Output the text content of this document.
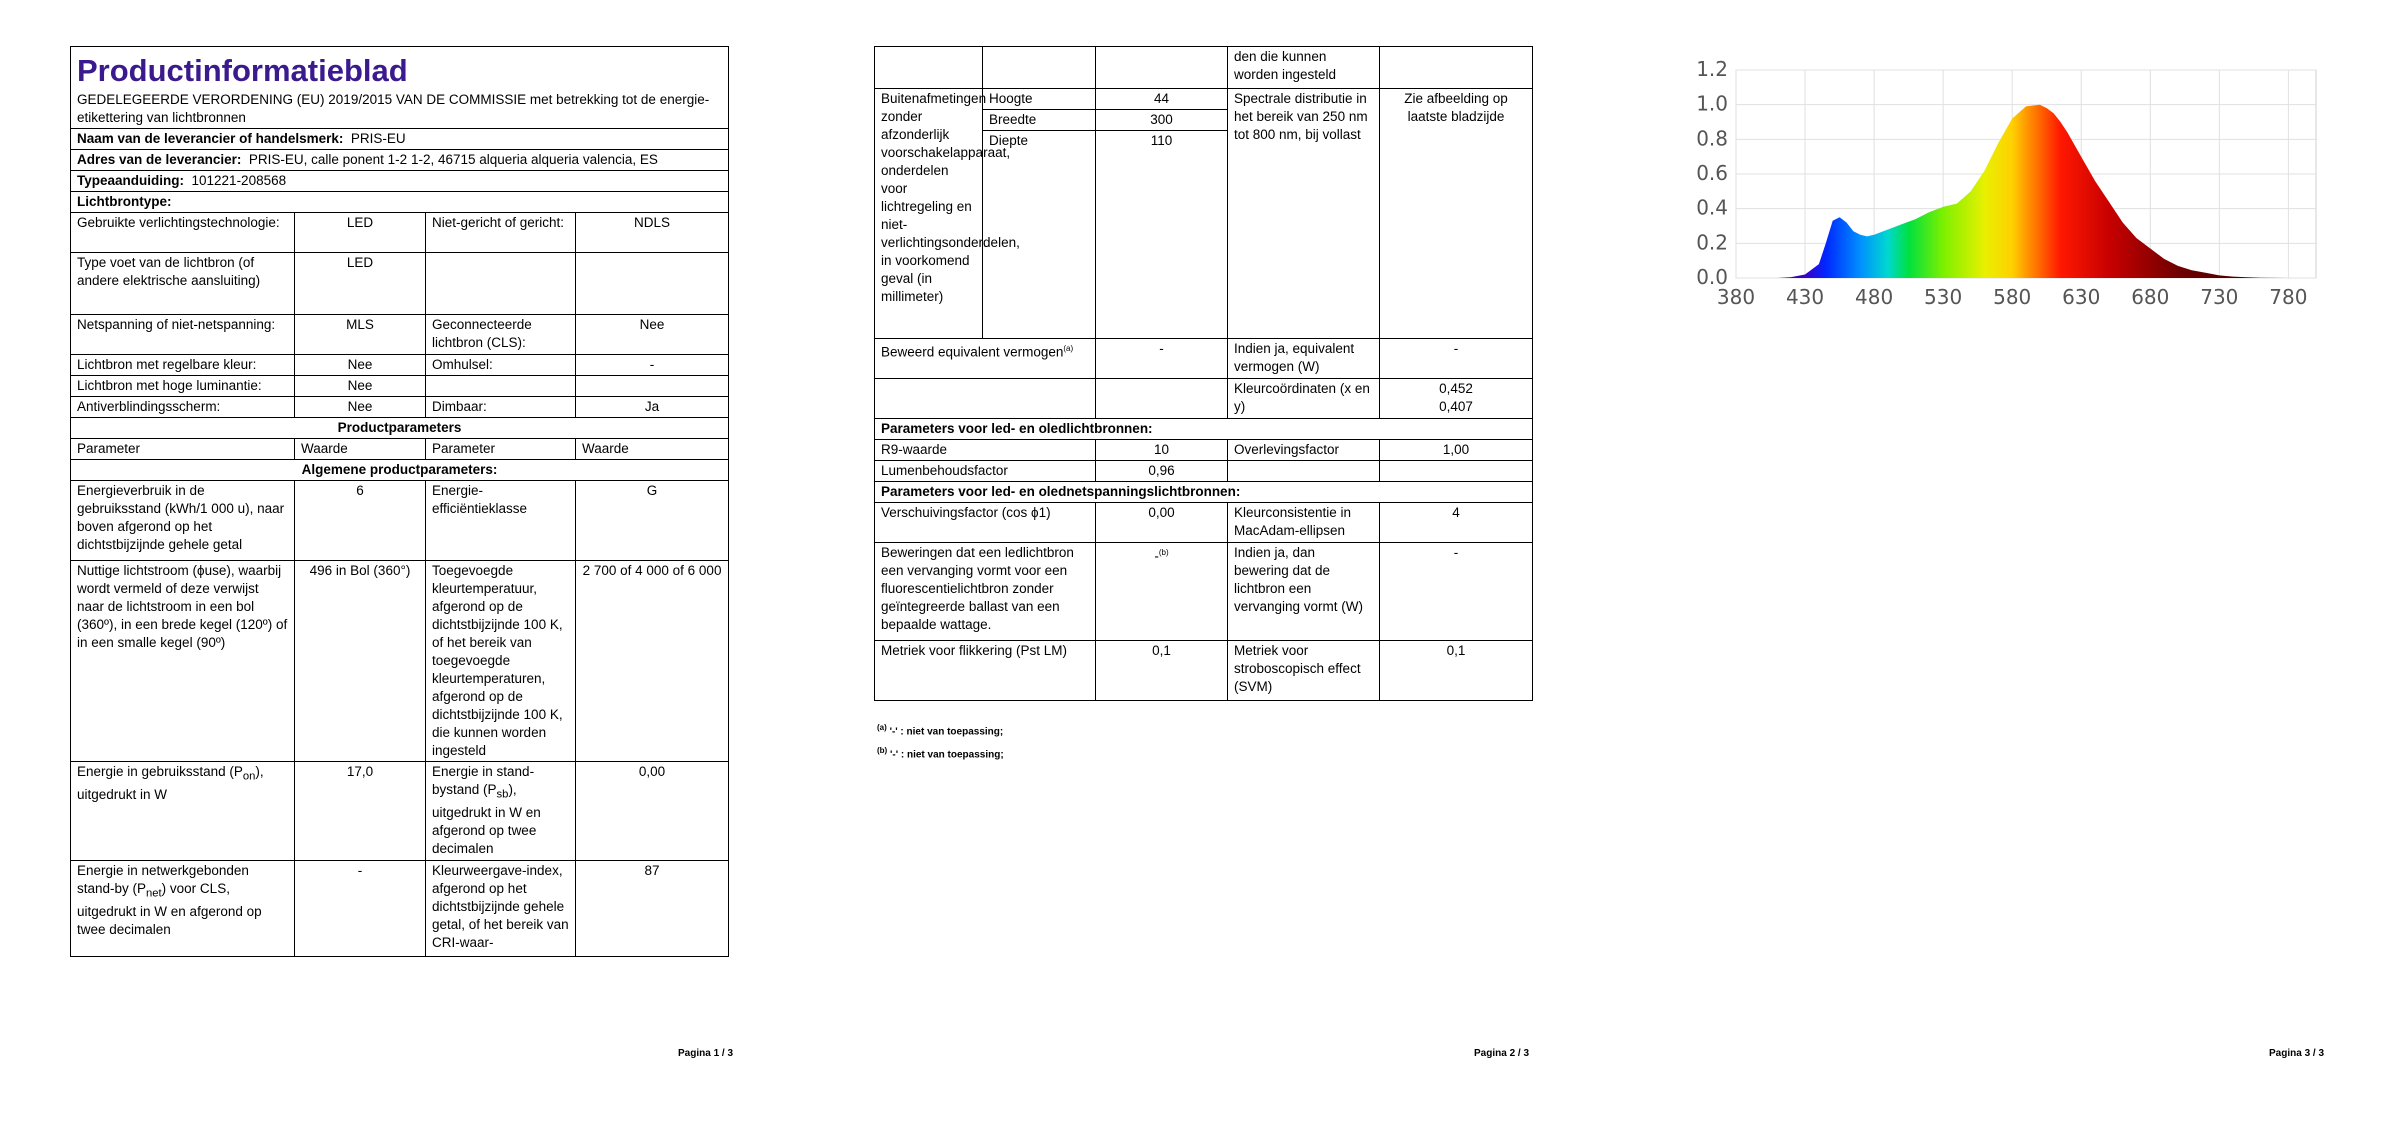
Productinformatieblad
GEDELEGEERDE VERORDENING (EU) 2019/2015 VAN DE COMMISSIE met betrekking tot de energie-etikettering van lichtbronnen			

Naam van de leverancier of handelsmerk: PRIS-EU			
Adres van de leverancier: PRIS-EU, calle ponent 1-2 1-2, 46715 alqueria alqueria valencia, ES			
Typeaanduiding: 101221-208568			
Lichtbrontype:			
Gebruikte verlichtingstechnologie:	LED	Niet-gericht of gericht:	NDLS
Type voet van de lichtbron (of andere elektrische aansluiting)	LED		
Netspanning of niet-netspanning:	MLS	Geconnecteerde lichtbron (CLS):	Nee
Lichtbron met regelbare kleur:	Nee	Omhulsel:	-
Lichtbron met hoge luminantie:	Nee		
Antiverblindingsscherm:	Nee	Dimbaar:	Ja
Productparameters			
Parameter	Waarde	Parameter	Waarde
Algemene productparameters:			
Energieverbruik in de gebruiksstand (kWh/1 000 u), naar boven afgerond op het dichtstbijzijnde gehele getal	6	Energie-efficiëntieklasse	G
Nuttige lichtstroom (ϕuse), waarbij wordt vermeld of deze verwijst naar de lichtstroom in een bol (360º), in een brede kegel (120º) of in een smalle kegel (90º)	496 in Bol (360°)	Toegevoegde kleurtemperatuur, afgerond op de dichtstbijzijnde 100 K, of het bereik van toegevoegde kleurtemperaturen, afgerond op de dichtstbijzijnde 100 K, die kunnen worden ingesteld	2 700 of 4 000 of 6 000
Energie in gebruiksstand $(P_{on})$, uitgedrukt in W	17,0	Energie in stand-bystand $(P_{sb})$, uitgedrukt in W en afgerond op twee decimalen	0,00
Energie in netwerkgebonden stand-by $(P_{net})$ voor CLS, uitgedrukt in W en afgerond op twee decimalen	-	Kleurweergave-index, afgerond op het dichtstbijzijnde gehele getal, of het bereik van CRI-waar-	87
Pagina 1 / 3
			den die kunnen worden ingesteld	
Buitenafmetingen zonder afzonderlijk voorschakelapparaat, onderdelen voor lichtregeling en niet-verlichtingsonderdelen, in voorkomend geval (in millimeter)	Hoogte	44	Spectrale distributie in het bereik van 250 nm tot 800 nm, bij vollast	Zie afbeelding op laatste bladzijde
	Breedte	300		
	Diepte	110		
Beweerd equivalent vermogen$^{(a)}$		-	Indien ja, equivalent vermogen (W)	-
			Kleurcoördinaten (x en y)	0,452
0,407

Parameters voor led- en oledlichtbronnen:				
R9-waarde		10	Overlevingsfactor	1,00
Lumenbehoudsfactor		0,96		
Parameters voor led- en olednetspanningslichtbronnen:				
Verschuivingsfactor (cos ϕ1)		0,00	Kleurconsistentie in MacAdam-ellipsen	4
Beweringen dat een ledlichtbron een vervanging vormt voor een fluorescentielichtbron zonder geïntegreerde ballast van een bepaalde wattage.		-$^{(b)}$	Indien ja, dan bewering dat de lichtbron een vervanging vormt (W)	-
Metriek voor flikkering (Pst LM)		0,1	Metriek voor stroboscopisch effect (SVM)	0,1
$^{(a)}$ '-' : niet van toepassing;
$^{(b)}$ '-' : niet van toepassing;
Pagina 2 / 3
0.0
0.2
0.4
0.6
0.8
1.0
1.2
380 430 480 530 580 630 680 730 780
Pagina 3 / 3
